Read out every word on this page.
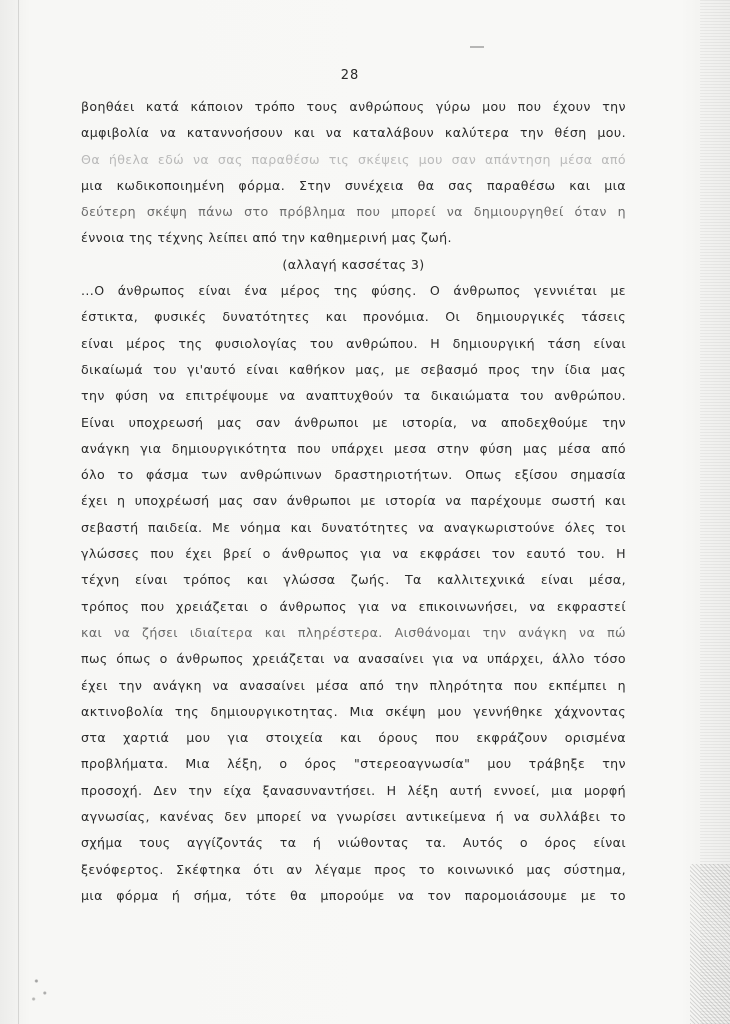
28
βοηθάει κατά κάποιον τρόπο τους ανθρώπους γύρω μου που έχουν την
αμφιβολία να καταννοήσουν και να καταλάβουν καλύτερα την θέση μου.
Θα ήθελα εδώ να σας παραθέσω τις σκέψεις μου σαν απάντηση μέσα από
μια κωδικοποιημένη φόρμα. Στην συνέχεια θα σας παραθέσω και μια
δεύτερη σκέψη πάνω στο πρόβλημα που μπορεί να δημιουργηθεί όταν η
έννοια της τέχνης λείπει από την καθημερινή μας ζωή.
(αλλαγή κασσέτας 3)
...Ο άνθρωπος είναι ένα μέρος της φύσης. Ο άνθρωπος γεννιέται με
έστικτα, φυσικές δυνατότητες και προνόμια. Οι δημιουργικές τάσεις
είναι μέρος της φυσιολογίας του ανθρώπου. Η δημιουργική τάση είναι
δικαίωμά του γι'αυτό είναι καθήκον μας, με σεβασμό προς την ίδια μας
την φύση να επιτρέψουμε να αναπτυχθούν τα δικαιώματα του ανθρώπου.
Είναι υποχρεωσή μας σαν άνθρωποι με ιστορία, να αποδεχθούμε την
ανάγκη για δημιουργικότητα που υπάρχει μεσα στην φύση μας μέσα από
όλο το φάσμα των ανθρώπινων δραστηριοτήτων. Οπως εξίσου σημασία
έχει η υποχρέωσή μας σαν άνθρωποι με ιστορία να παρέχουμε σωστή και
σεβαστή παιδεία. Με νόημα και δυνατότητες να αναγκωριστούνε όλες τοι
γλώσσες που έχει βρεί ο άνθρωπος για να εκφράσει τον εαυτό του. Η
τέχνη είναι τρόπος και γλώσσα ζωής. Τα καλλιτεχνικά είναι μέσα,
τρόπος που χρειάζεται ο άνθρωπος για να επικοινωνήσει, να εκφραστεί
και να ζήσει ιδιαίτερα και πληρέστερα. Αισθάνομαι την ανάγκη να πώ
πως όπως ο άνθρωπος χρειάζεται να ανασαίνει για να υπάρχει, άλλο τόσο
έχει την ανάγκη να ανασαίνει μέσα από την πληρότητα που εκπέμπει η
ακτινοβολία της δημιουργικοτητας. Μια σκέψη μου γεννήθηκε χάχνοντας
στα χαρτιά μου για στοιχεία και όρους που εκφράζουν ορισμένα
προβλήματα. Μια λέξη, ο όρος "στερεοαγνωσία" μου τράβηξε την
προσοχή. Δεν την είχα ξανασυναντήσει. Η λέξη αυτή εννοεί, μια μορφή
αγνωσίας, κανένας δεν μπορεί να γνωρίσει αντικείμενα ή να συλλάβει το
σχήμα τους αγγίζοντάς τα ή νιώθοντας τα. Αυτός ο όρος είναι
ξενόφερτος. Σκέφτηκα ότι αν λέγαμε προς το κοινωνικό μας σύστημα,
μια φόρμα ή σήμα, τότε θα μπορούμε να τον παρομοιάσουμε με το
